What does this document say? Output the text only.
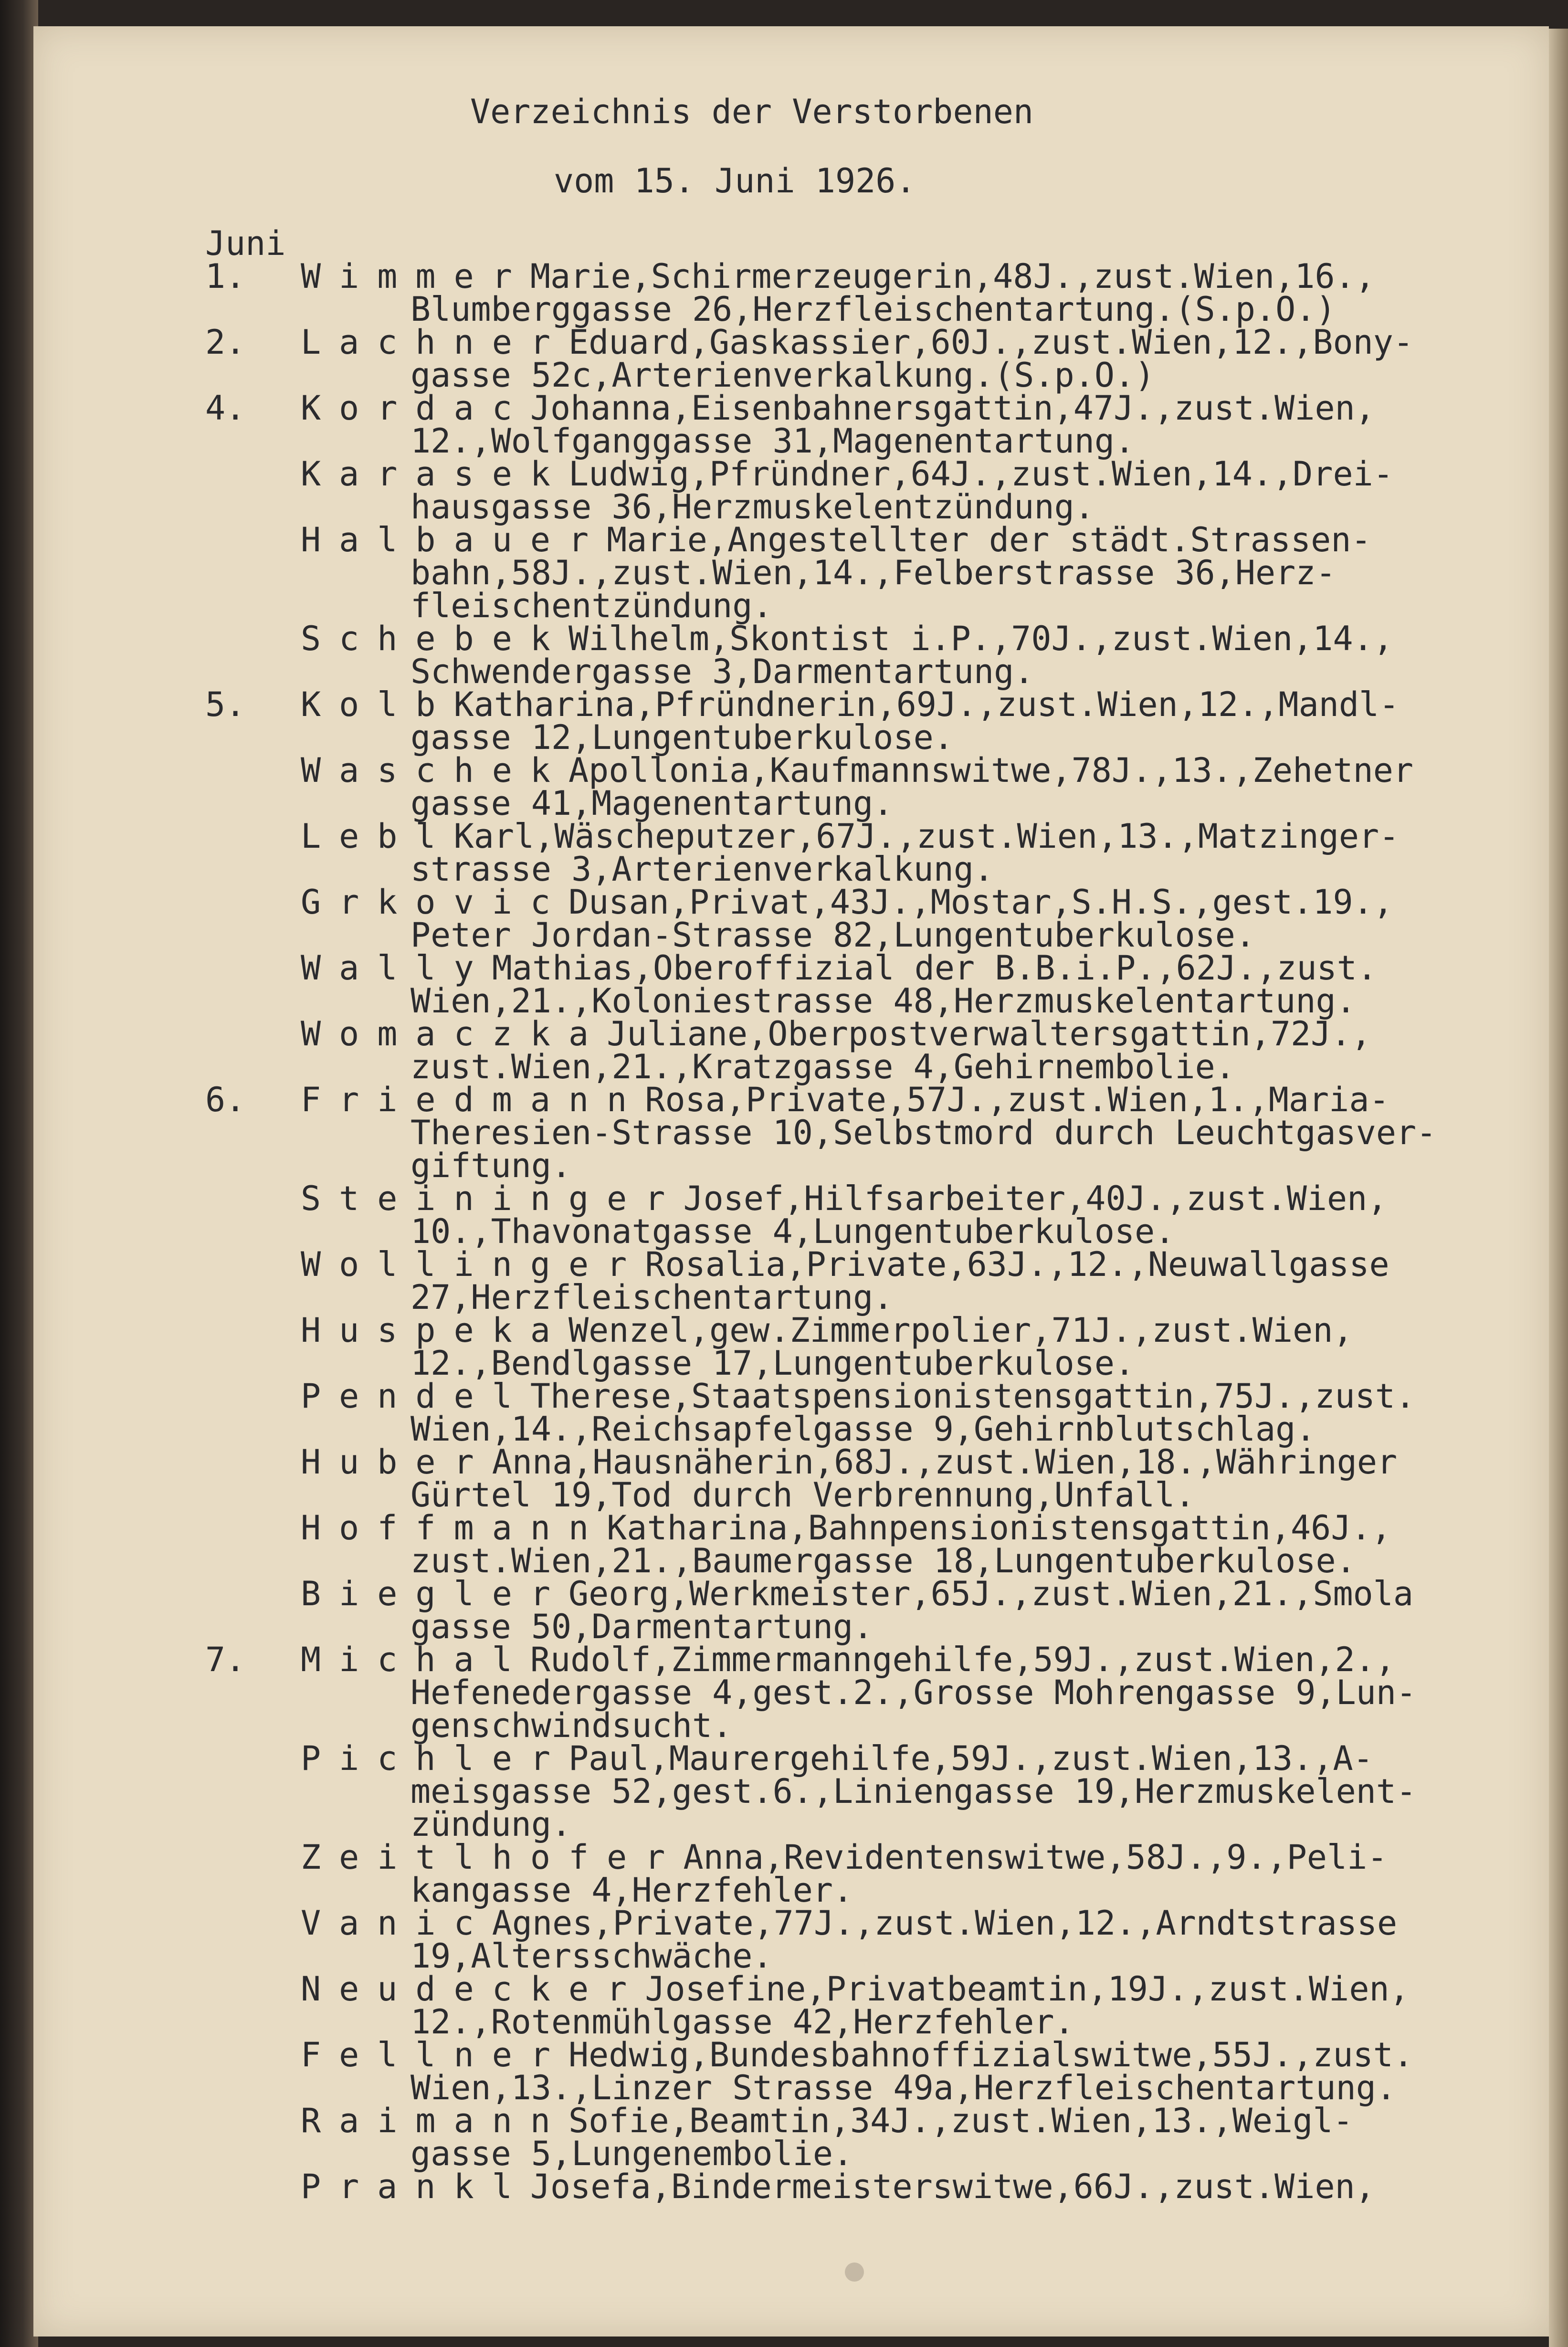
Verzeichnis der Verstorbenen
vom 15. Juni 1926.
Juni
1. WimmerMarie,Schirmerzeugerin,48J.,zust.Wien,16.,
Blumberggasse 26,Herzfleischentartung.(S.p.O.)
2. LachnerEduard,Gaskassier,60J.,zust.Wien,12.,Bony-
gasse 52c,Arterienverkalkung.(S.p.O.)
4. KordacJohanna,Eisenbahnersgattin,47J.,zust.Wien,
12.,Wolfganggasse 31,Magenentartung.
KarasekLudwig,Pfründner,64J.,zust.Wien,14.,Drei-
hausgasse 36,Herzmuskelentzündung.
HalbauerMarie,Angestellter der städt.Strassen-
bahn,58J.,zust.Wien,14.,Felberstrasse 36,Herz-
fleischentzündung.
SchebekWilhelm,Skontist i.P.,70J.,zust.Wien,14.,
Schwendergasse 3,Darmentartung.
5. KolbKatharina,Pfründnerin,69J.,zust.Wien,12.,Mandl-
gasse 12,Lungentuberkulose.
WaschekApollonia,Kaufmannswitwe,78J.,13.,Zehetner
gasse 41,Magenentartung.
LeblKarl,Wäscheputzer,67J.,zust.Wien,13.,Matzinger-
strasse 3,Arterienverkalkung.
GrkovicDusan,Privat,43J.,Mostar,S.H.S.,gest.19.,
Peter Jordan-Strasse 82,Lungentuberkulose.
WallyMathias,Oberoffizial der B.B.i.P.,62J.,zust.
Wien,21.,Koloniestrasse 48,Herzmuskelentartung.
WomaczkaJuliane,Oberpostverwaltersgattin,72J.,
zust.Wien,21.,Kratzgasse 4,Gehirnembolie.
6. FriedmannRosa,Private,57J.,zust.Wien,1.,Maria-
Theresien-Strasse 10,Selbstmord durch Leuchtgasver-
giftung.
SteiningerJosef,Hilfsarbeiter,40J.,zust.Wien,
10.,Thavonatgasse 4,Lungentuberkulose.
WollingerRosalia,Private,63J.,12.,Neuwallgasse
27,Herzfleischentartung.
HuspekaWenzel,gew.Zimmerpolier,71J.,zust.Wien,
12.,Bendlgasse 17,Lungentuberkulose.
PendelTherese,Staatspensionistensgattin,75J.,zust.
Wien,14.,Reichsapfelgasse 9,Gehirnblutschlag.
HuberAnna,Hausnäherin,68J.,zust.Wien,18.,Währinger
Gürtel 19,Tod durch Verbrennung,Unfall.
HoffmannKatharina,Bahnpensionistensgattin,46J.,
zust.Wien,21.,Baumergasse 18,Lungentuberkulose.
BieglerGeorg,Werkmeister,65J.,zust.Wien,21.,Smola
gasse 50,Darmentartung.
7. MichalRudolf,Zimmermanngehilfe,59J.,zust.Wien,2.,
Hefenedergasse 4,gest.2.,Grosse Mohrengasse 9,Lun-
genschwindsucht.
PichlerPaul,Maurergehilfe,59J.,zust.Wien,13.,A-
meisgasse 52,gest.6.,Liniengasse 19,Herzmuskelent-
zündung.
ZeitlhoferAnna,Revidentenswitwe,58J.,9.,Peli-
kangasse 4,Herzfehler.
VanicAgnes,Private,77J.,zust.Wien,12.,Arndtstrasse
19,Altersschwäche.
NeudeckerJosefine,Privatbeamtin,19J.,zust.Wien,
12.,Rotenmühlgasse 42,Herzfehler.
FellnerHedwig,Bundesbahnoffizialswitwe,55J.,zust.
Wien,13.,Linzer Strasse 49a,Herzfleischentartung.
RaimannSofie,Beamtin,34J.,zust.Wien,13.,Weigl-
gasse 5,Lungenembolie.
PranklJosefa,Bindermeisterswitwe,66J.,zust.Wien,
